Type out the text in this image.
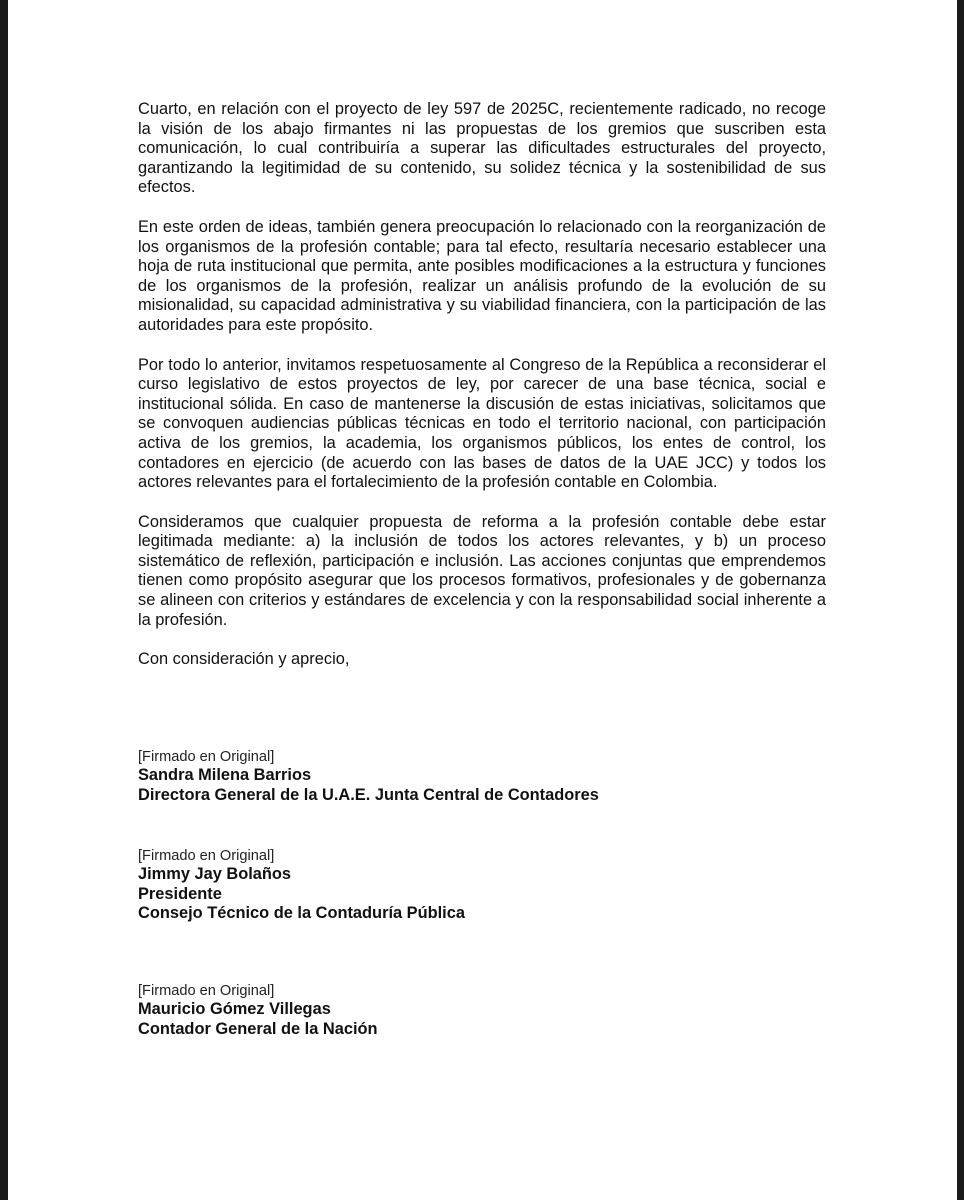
Cuarto, en relación con el proyecto de ley 597 de 2025C, recientemente radicado, no recoge la visión de los abajo firmantes ni las propuestas de los gremios que suscriben esta comunicación, lo cual contribuiría a superar las dificultades estructurales del proyecto, garantizando la legitimidad de su contenido, su solidez técnica y la sostenibilidad de sus efectos.

En este orden de ideas, también genera preocupación lo relacionado con la reorganización de los organismos de la profesión contable; para tal efecto, resultaría necesario establecer una hoja de ruta institucional que permita, ante posibles modificaciones a la estructura y funciones de los organismos de la profesión, realizar un análisis profundo de la evolución de su misionalidad, su capacidad administrativa y su viabilidad financiera, con la participación de las autoridades para este propósito.

Por todo lo anterior, invitamos respetuosamente al Congreso de la República a reconsiderar el curso legislativo de estos proyectos de ley, por carecer de una base técnica, social e institucional sólida. En caso de mantenerse la discusión de estas iniciativas, solicitamos que se convoquen audiencias públicas técnicas en todo el territorio nacional, con participación activa de los gremios, la academia, los organismos públicos, los entes de control, los contadores en ejercicio (de acuerdo con las bases de datos de la UAE JCC) y todos los actores relevantes para el fortalecimiento de la profesión contable en Colombia.

Consideramos que cualquier propuesta de reforma a la profesión contable debe estar legitimada mediante: a) la inclusión de todos los actores relevantes, y b) un proceso sistemático de reflexión, participación e inclusión. Las acciones conjuntas que emprendemos tienen como propósito asegurar que los procesos formativos, profesionales y de gobernanza se alineen con criterios y estándares de excelencia y con la responsabilidad social inherente a la profesión.

Con consideración y aprecio,

[Firmado en Original]
Sandra Milena Barrios
Directora General de la U.A.E. Junta Central de Contadores
[Firmado en Original]
Jimmy Jay Bolaños
Presidente
Consejo Técnico de la Contaduría Pública
[Firmado en Original]
Mauricio Gómez Villegas
Contador General de la Nación
